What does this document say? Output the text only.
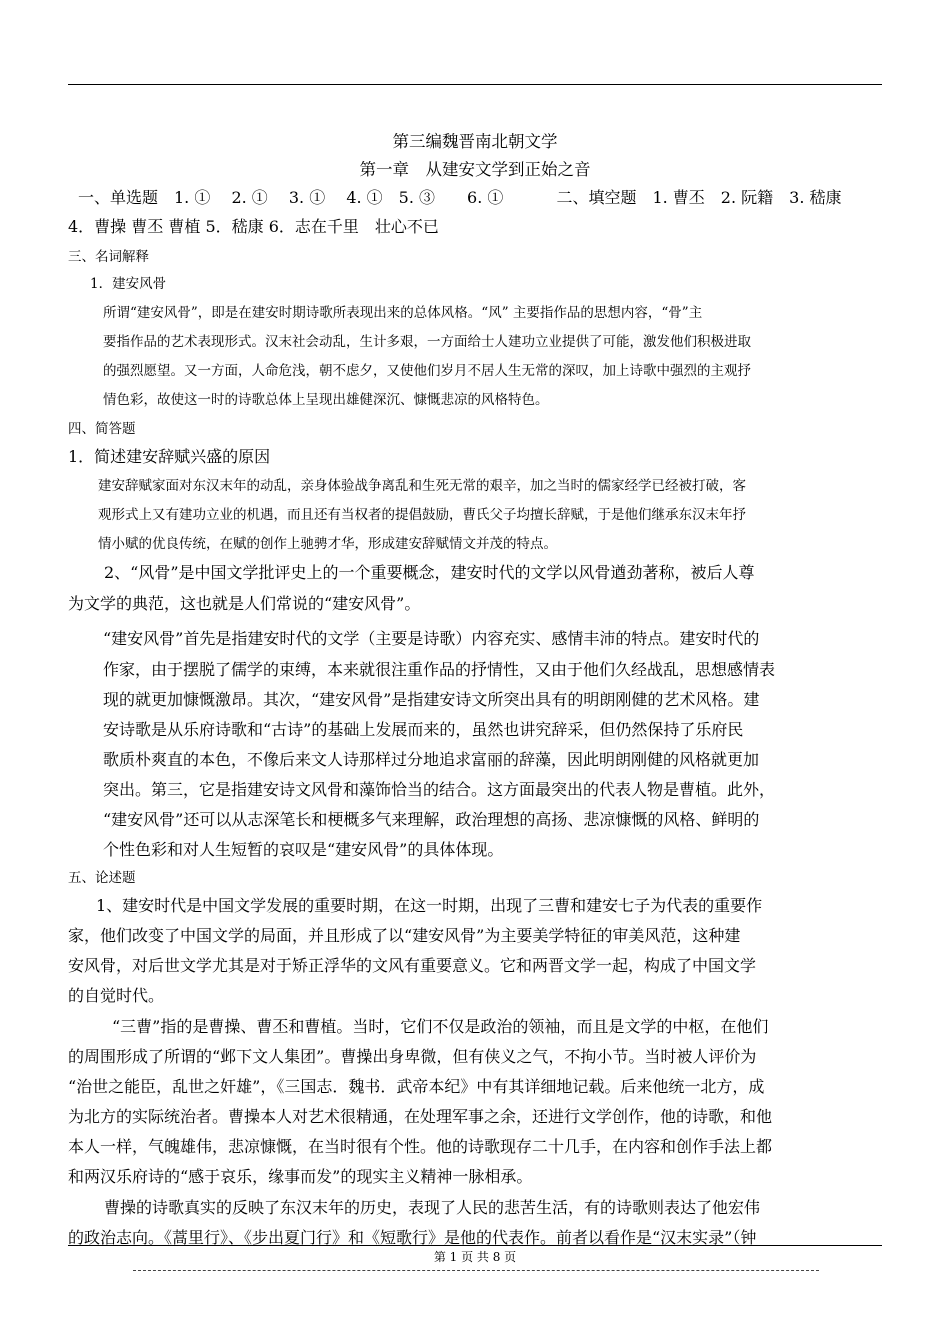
第三编魏晋南北朝文学
第一章　从建安文学到正始之音
一、单选题　1. ①　 2. ①　 3. ①　 4. ①　5. ③　　6. ①　　　 二、填空题　1. 曹丕　2. 阮籍　3. 嵇康
4．曹操 曹丕 曹植 5．嵇康 6．志在千里　壮心不已
三、名词解释
1．建安风骨
所谓“建安风骨”，即是在建安时期诗歌所表现出来的总体风格。“风” 主要指作品的思想内容，“骨”主
要指作品的艺术表现形式。汉末社会动乱，生计多艰，一方面给士人建功立业提供了可能，激发他们积极进取
的强烈愿望。又一方面，人命危浅，朝不虑夕，又使他们岁月不居人生无常的深叹，加上诗歌中强烈的主观抒
情色彩，故使这一时的诗歌总体上呈现出雄健深沉、慷慨悲凉的风格特色。
四、简答题
1．简述建安辞赋兴盛的原因
建安辞赋家面对东汉末年的动乱，亲身体验战争离乱和生死无常的艰辛，加之当时的儒家经学已经被打破，客
观形式上又有建功立业的机遇，而且还有当权者的提倡鼓励，曹氏父子均擅长辞赋，于是他们继承东汉末年抒
情小赋的优良传统，在赋的创作上驰骋才华，形成建安辞赋情文并茂的特点。
2、“风骨”是中国文学批评史上的一个重要概念，建安时代的文学以风骨遒劲著称，被后人尊
为文学的典范，这也就是人们常说的“建安风骨”。
“建安风骨”首先是指建安时代的文学（主要是诗歌）内容充实、感情丰沛的特点。建安时代的
作家，由于摆脱了儒学的束缚，本来就很注重作品的抒情性，又由于他们久经战乱，思想感情表
现的就更加慷慨激昂。其次，“建安风骨”是指建安诗文所突出具有的明朗刚健的艺术风格。建
安诗歌是从乐府诗歌和“古诗”的基础上发展而来的，虽然也讲究辞采，但仍然保持了乐府民
歌质朴爽直的本色，不像后来文人诗那样过分地追求富丽的辞藻，因此明朗刚健的风格就更加
突出。第三，它是指建安诗文风骨和藻饰恰当的结合。这方面最突出的代表人物是曹植。此外，
“建安风骨”还可以从志深笔长和梗概多气来理解，政治理想的高扬、悲凉慷慨的风格、鲜明的
个性色彩和对人生短暂的哀叹是“建安风骨”的具体体现。
五、论述题
1、建安时代是中国文学发展的重要时期，在这一时期，出现了三曹和建安七子为代表的重要作
家，他们改变了中国文学的局面，并且形成了以“建安风骨”为主要美学特征的审美风范，这种建
安风骨，对后世文学尤其是对于矫正浮华的文风有重要意义。它和两晋文学一起，构成了中国文学
的自觉时代。
“三曹”指的是曹操、曹丕和曹植。当时，它们不仅是政治的领袖，而且是文学的中枢，在他们
的周围形成了所谓的“邺下文人集团”。曹操出身卑微，但有侠义之气，不拘小节。当时被人评价为
“治世之能臣，乱世之奸雄”，《三国志．魏书．武帝本纪》中有其详细地记载。后来他统一北方，成
为北方的实际统治者。曹操本人对艺术很精通，在处理军事之余，还进行文学创作，他的诗歌，和他
本人一样，气魄雄伟，悲凉慷慨，在当时很有个性。他的诗歌现存二十几手，在内容和创作手法上都
和两汉乐府诗的“感于哀乐，缘事而发”的现实主义精神一脉相承。
曹操的诗歌真实的反映了东汉末年的历史，表现了人民的悲苦生活，有的诗歌则表达了他宏伟
的政治志向。《蒿里行》、《步出夏门行》和《短歌行》是他的代表作。前者以看作是“汉末实录”（钟
第 1 页 共 8 页
